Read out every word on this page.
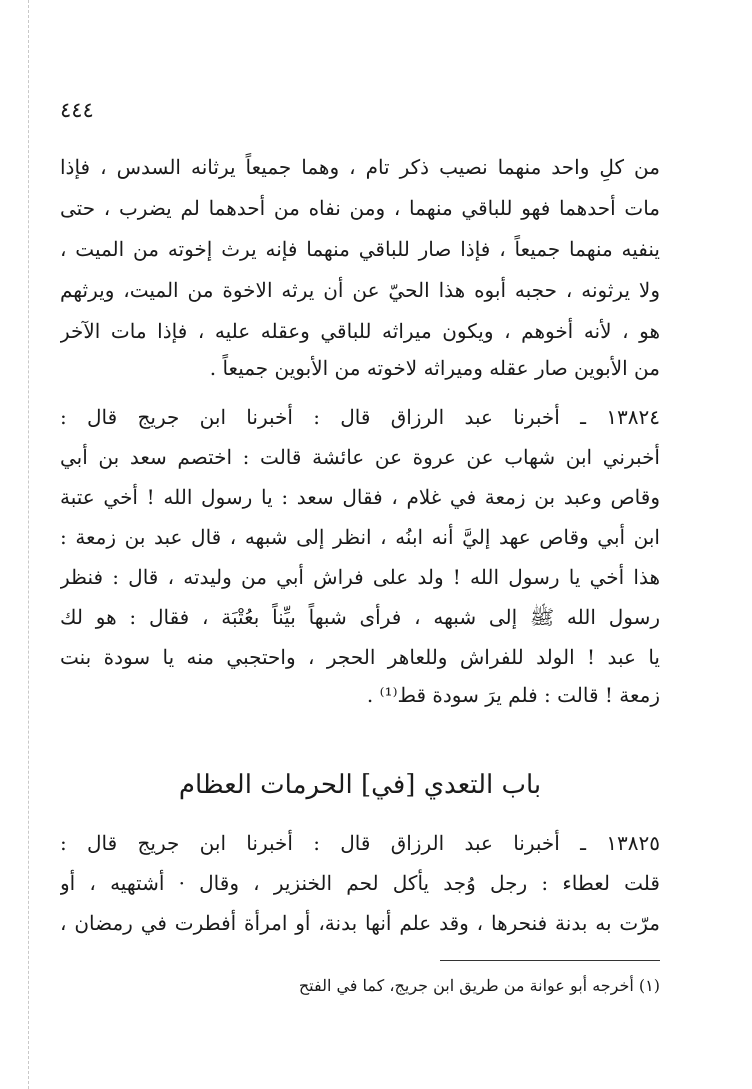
٤٤٤
من كلِ واحد منهما نصيب ذكر تام ، وهما جميعاً يرثانه السدس ، فإذا
مات أحدهما فهو للباقي منهما ، ومن نفاه من أحدهما لم يضرب ، حتى
ينفيه منهما جميعاً ، فإذا صار للباقي منهما فإنه يرث إخوته من الميت ،
ولا يرثونه ، حجبه أبوه هذا الحيّ عن أن يرثه الاخوة من الميت، ويرثهم
هو ، لأنه أخوهم ، ويكون ميراثه للباقي وعقله عليه ، فإذا مات الآخر
من الأبوين صار عقله وميراثه لاخوته من الأبوين جميعاً .
١٣٨٢٤ ـ أخبرنا عبد الرزاق قال : أخبرنا ابن جريج قال :
أخبرني ابن شهاب عن عروة عن عائشة قالت : اختصم سعد بن أبي
وقاص وعبد بن زمعة في غلام ، فقال سعد : يا رسول الله ! أخي عتبة
ابن أبي وقاص عهد إليَّ أنه ابنُه ، انظر إلى شبهه ، قال عبد بن زمعة :
هذا أخي يا رسول الله ! ولد على فراش أبي من وليدته ، قال : فنظر
رسول الله ﷺ إلى شبهه ، فرأى شبهاً بيِّناً بعُتْبَة ، فقال : هو لك
يا عبد ! الولد للفراش وللعاهر الحجر ، واحتجبي منه يا سودة بنت
زمعة ! قالت : فلم يرَ سودة قط⁽¹⁾ .
باب التعدي [في] الحرمات العظام
١٣٨٢٥ ـ أخبرنا عبد الرزاق قال : أخبرنا ابن جريج قال :
قلت لعطاء : رجل وُجد يأكل لحم الخنزير ، وقال · أشتهيه ، أو
مرّت به بدنة فنحرها ، وقد علم أنها بدنة، أو امرأة أفطرت في رمضان ،
(١) أخرجه أبو عوانة من طريق ابن جريج، كما في الفتح
